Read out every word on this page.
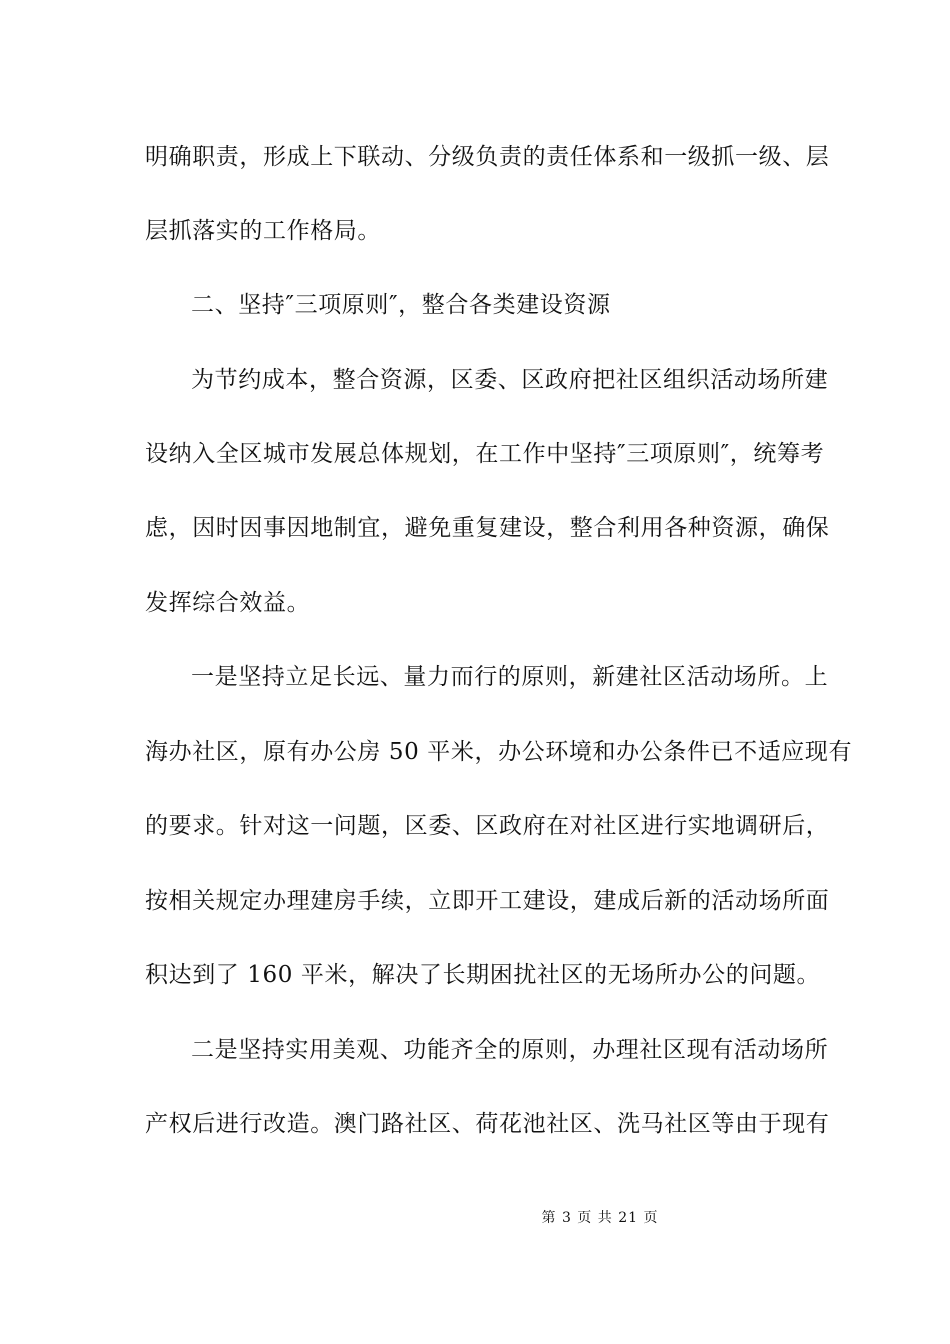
明确职责，形成上下联动、分级负责的责任体系和一级抓一级、层
层抓落实的工作格局。
二、坚持″三项原则″，整合各类建设资源
为节约成本，整合资源，区委、区政府把社区组织活动场所建
设纳入全区城市发展总体规划，在工作中坚持″三项原则″，统筹考
虑，因时因事因地制宜，避免重复建设，整合利用各种资源，确保
发挥综合效益。
一是坚持立足长远、量力而行的原则，新建社区活动场所。上
海办社区，原有办公房 50 平米，办公环境和办公条件已不适应现有
的要求。针对这一问题，区委、区政府在对社区进行实地调研后，
按相关规定办理建房手续，立即开工建设，建成后新的活动场所面
积达到了 160 平米，解决了长期困扰社区的无场所办公的问题。
二是坚持实用美观、功能齐全的原则，办理社区现有活动场所
产权后进行改造。澳门路社区、荷花池社区、洗马社区等由于现有
第 3 页 共 21 页
